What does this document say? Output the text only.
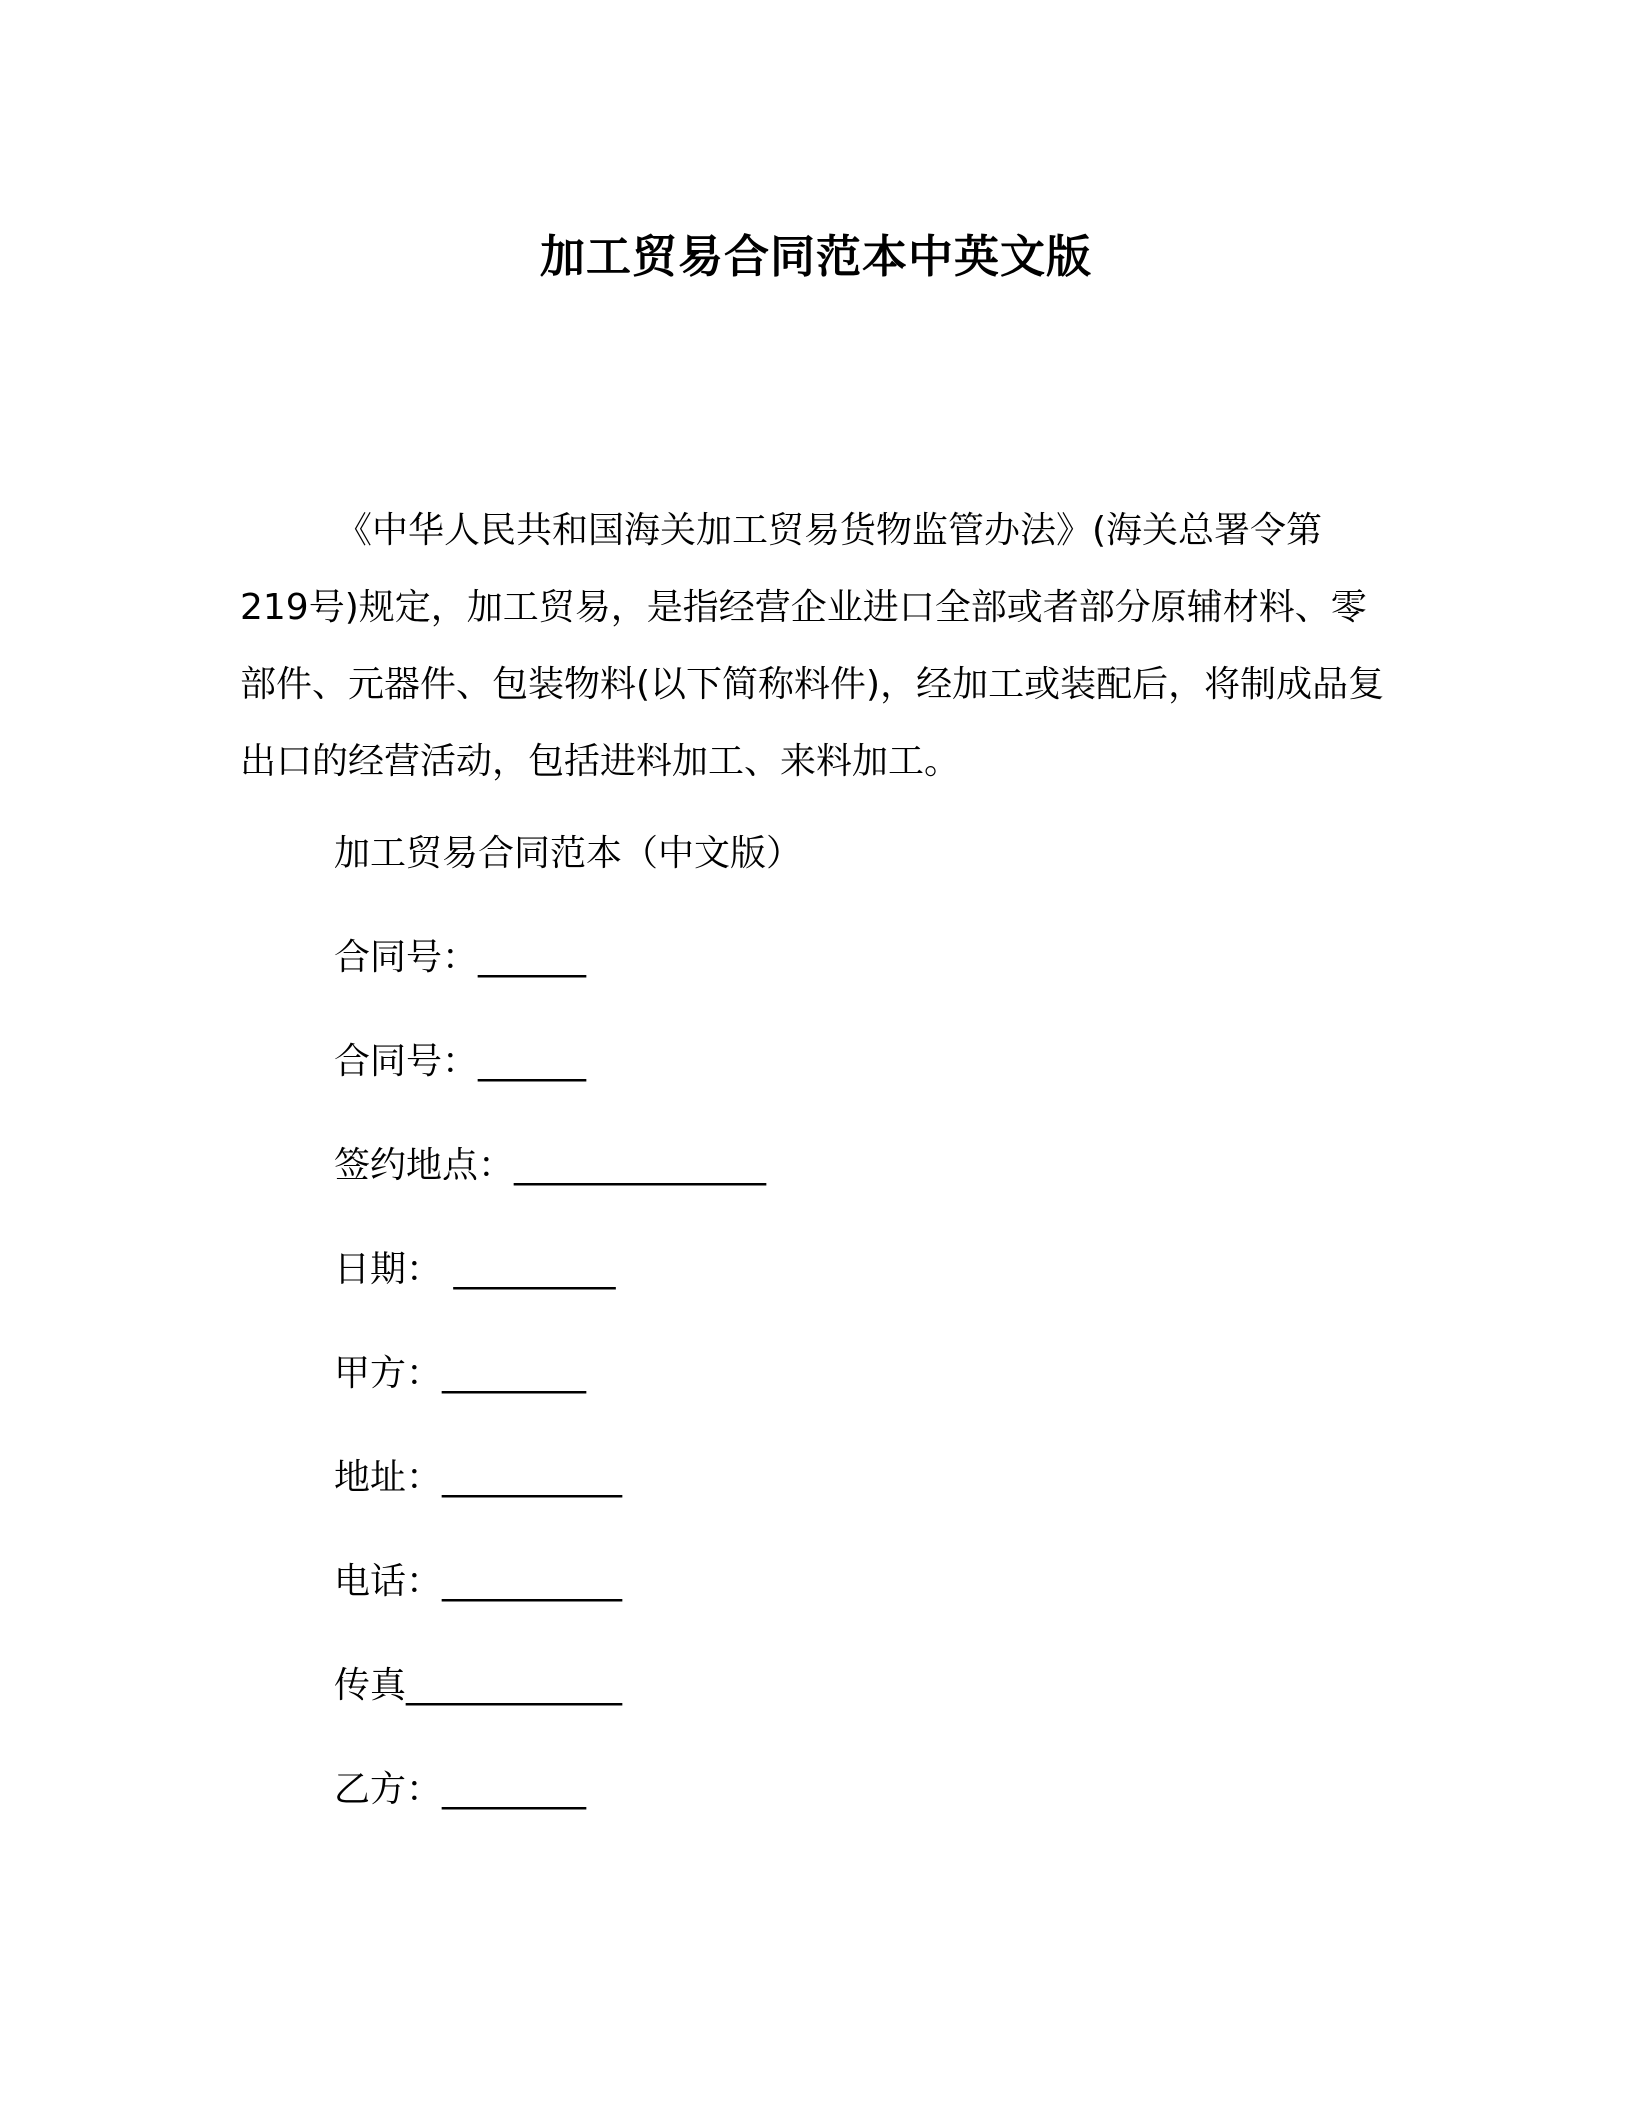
加工贸易合同范本中英文版

《中华人民共和国海关加工贸易货物监管办法》(海关总署令第219号)规定，加工贸易，是指经营企业进口全部或者部分原辅材料、零部件、元器件、包装物料(以下简称料件)，经加工或装配后，将制成品复出口的经营活动，包括进料加工、来料加工。

加工贸易合同范本（中文版）
合同号：______
合同号：______
签约地点：______________
日期： _________
甲方：________
地址：__________
电话：__________
传真____________
乙方：________
